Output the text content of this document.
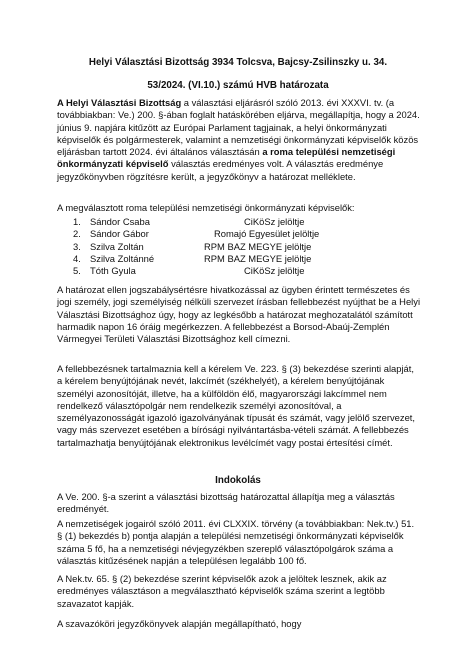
Helyi Választási Bizottság 3934 Tolcsva, Bajcsy-Zsilinszky u. 34.
53/2024. (VI.10.) számú HVB határozata
A Helyi Választási Bizottság a választási eljárásról szóló 2013. évi XXXVI. tv. (a továbbiakban: Ve.) 200. §-ában foglalt hatáskörében eljárva, megállapítja, hogy a 2024. június 9. napjára kitűzött az Európai Parlament tagjainak, a helyi önkormányzati képviselők és polgármesterek, valamint a nemzetiségi önkormányzati képviselők közös eljárásban tartott 2024. évi általános választásán a roma települési nemzetiségi önkormányzati képviselő választás eredményes volt. A választás eredménye jegyzőkönyvben rögzítésre került, a jegyzőkönyv a határozat melléklete.
A megválasztott roma települési nemzetiségi önkormányzati képviselők:
1. Sándor Csaba	CiKöSz jelöltje
2. Sándor Gábor	Romajó Egyesület jelöltje
3. Szilva Zoltán	RPM BAZ MEGYE jelöltje
4. Szilva Zoltánné	RPM BAZ MEGYE jelöltje
5. Tóth Gyula	CiKöSz jelöltje
A határozat ellen jogszabálysértésre hivatkozással az ügyben érintett természetes és jogi személy, jogi személyiség nélküli szervezet írásban fellebbezést nyújthat be a Helyi Választási Bizottsághoz úgy, hogy az legkésőbb a határozat meghozatalától számított harmadik napon 16 óráig megérkezzen. A fellebbezést a Borsod-Abaúj-Zemplén Vármegyei Területi Választási Bizottsághoz kell címezni.
A fellebbezésnek tartalmaznia kell a kérelem Ve. 223. § (3) bekezdése szerinti alapját, a kérelem benyújtójának nevét, lakcímét (székhelyét), a kérelem benyújtójának személyi azonosítóját, illetve, ha a külföldön élő, magyarországi lakcímmel nem rendelkező választópolgár nem rendelkezik személyi azonosítóval, a személyazonosságát igazoló igazolványának típusát és számát, vagy jelölő szervezet, vagy más szervezet esetében a bírósági nyilvántartásba-vételi számát. A fellebbezés tartalmazhatja benyújtójának elektronikus levélcímét vagy postai értesítési címét.
Indokolás
A Ve. 200. §-a szerint a választási bizottság határozattal állapítja meg a választás eredményét.
A nemzetiségek jogairól szóló 2011. évi CLXXIX. törvény (a továbbiakban: Nek.tv.) 51. § (1) bekezdés b) pontja alapján a települési nemzetiségi önkormányzati képviselők száma 5 fő, ha a nemzetiségi névjegyzékben szereplő választópolgárok száma a választás kitűzésének napján a településen legalább 100 fő.
A Nek.tv. 65. § (2) bekezdése szerint képviselők azok a jelöltek lesznek, akik az eredményes választáson a megválasztható képviselők száma szerint a legtöbb szavazatot kapják.
A szavazóköri jegyzőkönyvek alapján megállapítható, hogy
